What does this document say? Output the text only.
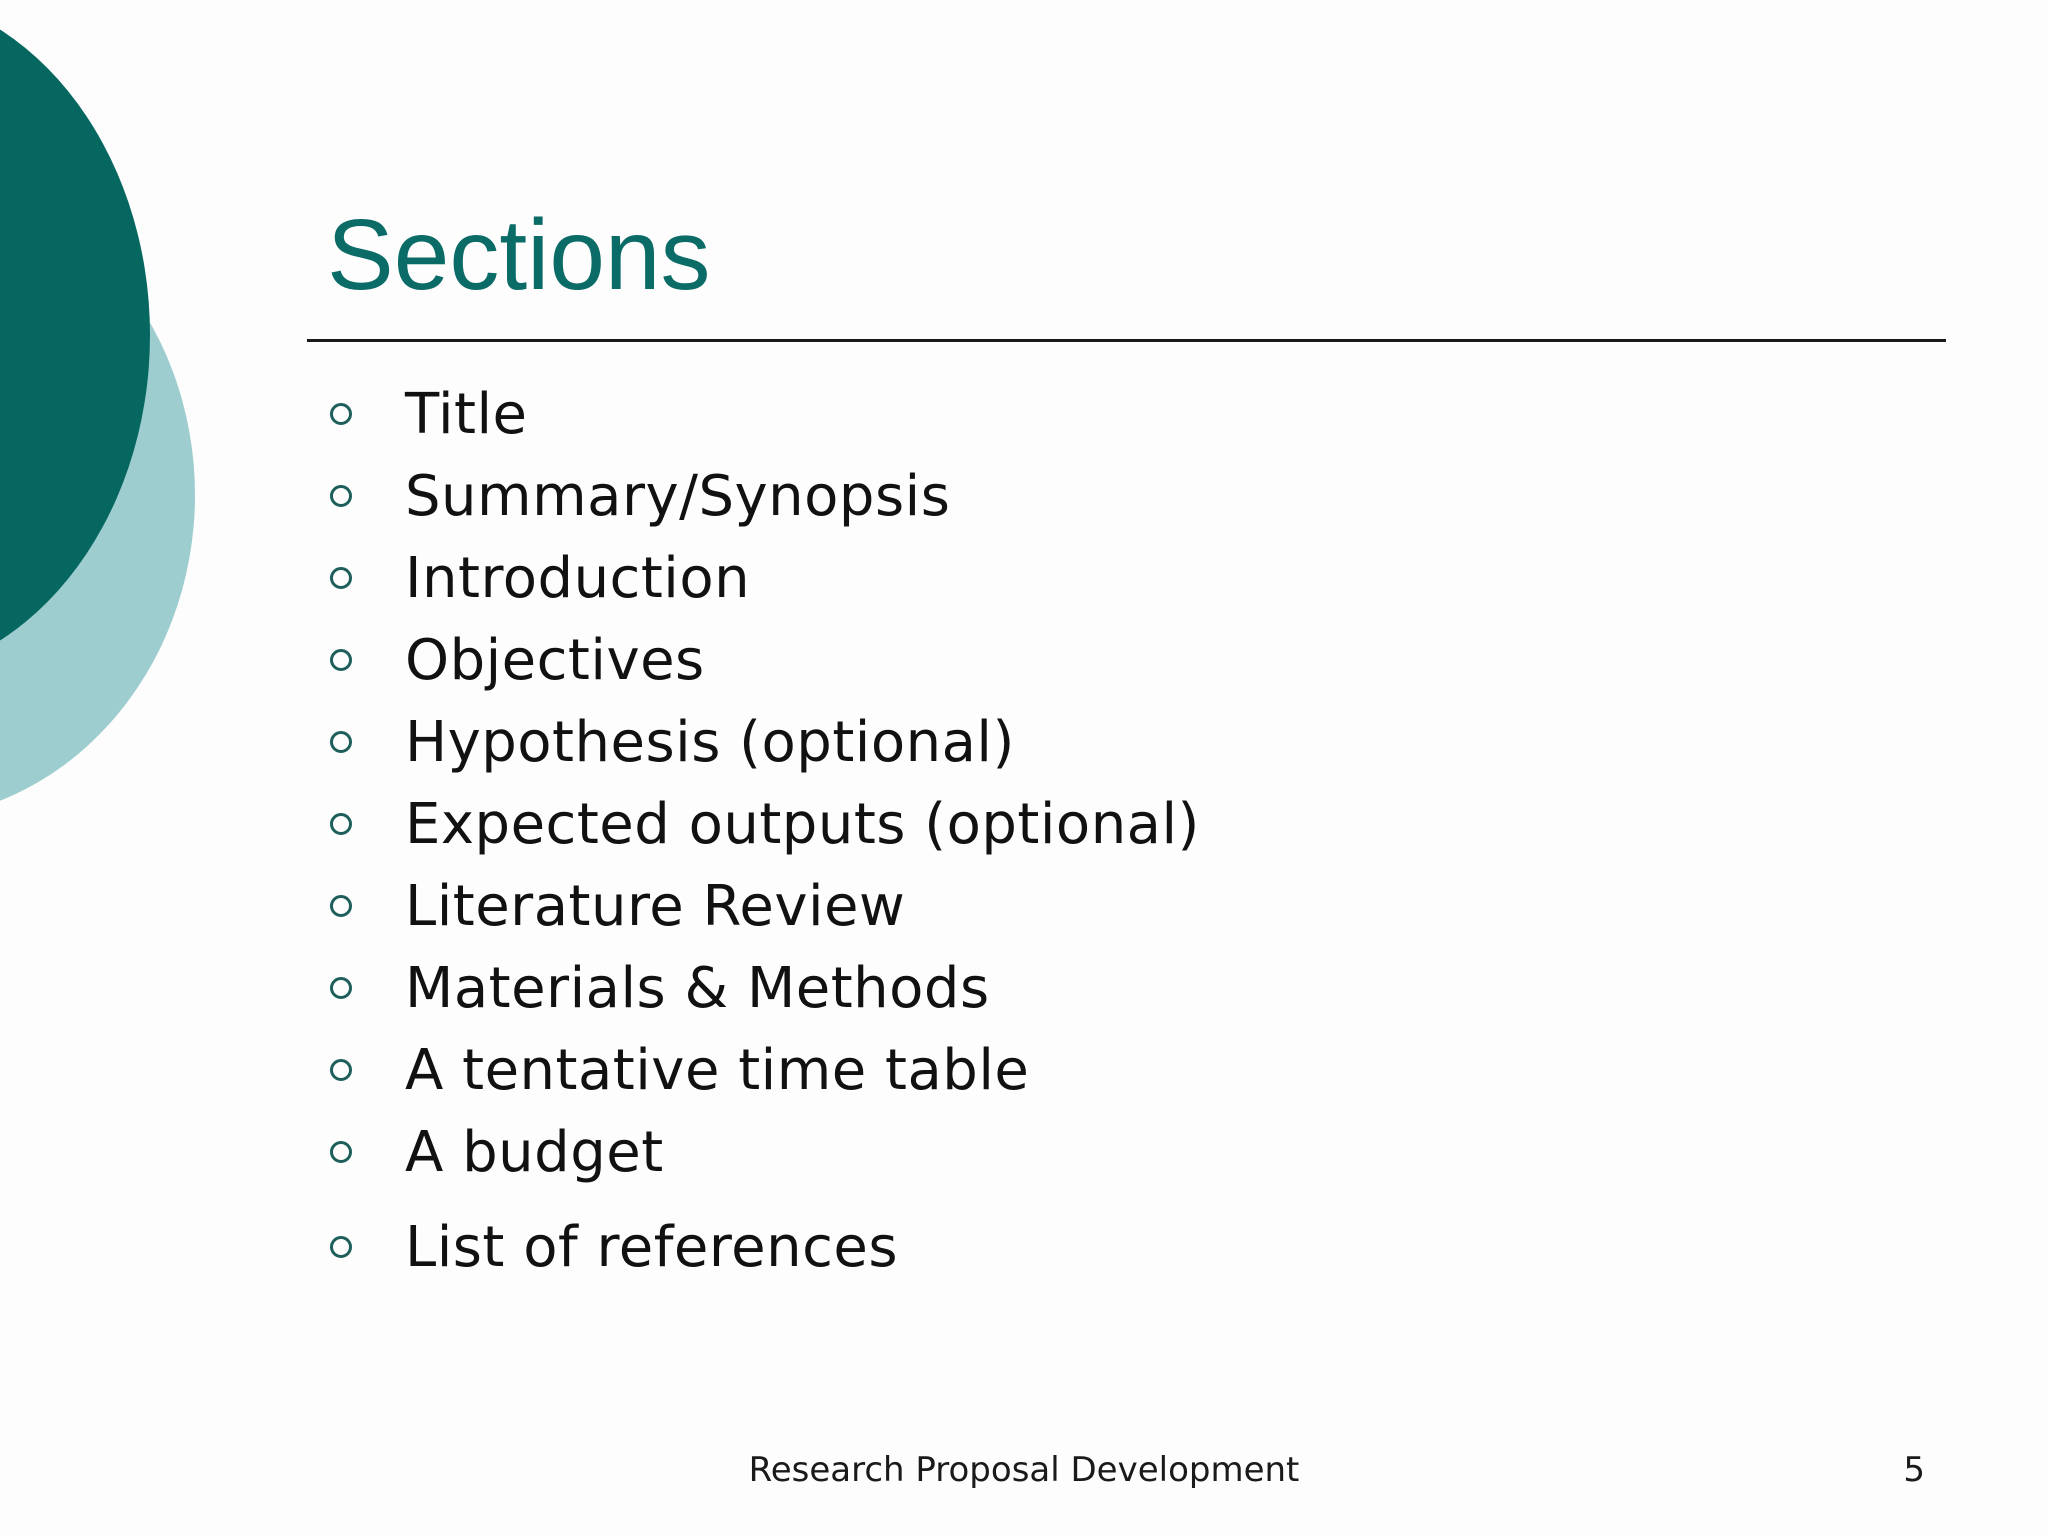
Sections
Title
Summary/Synopsis
Introduction
Objectives
Hypothesis (optional)
Expected outputs (optional)
Literature Review
Materials & Methods
A tentative time table
A budget
List of references
Research Proposal Development	5
